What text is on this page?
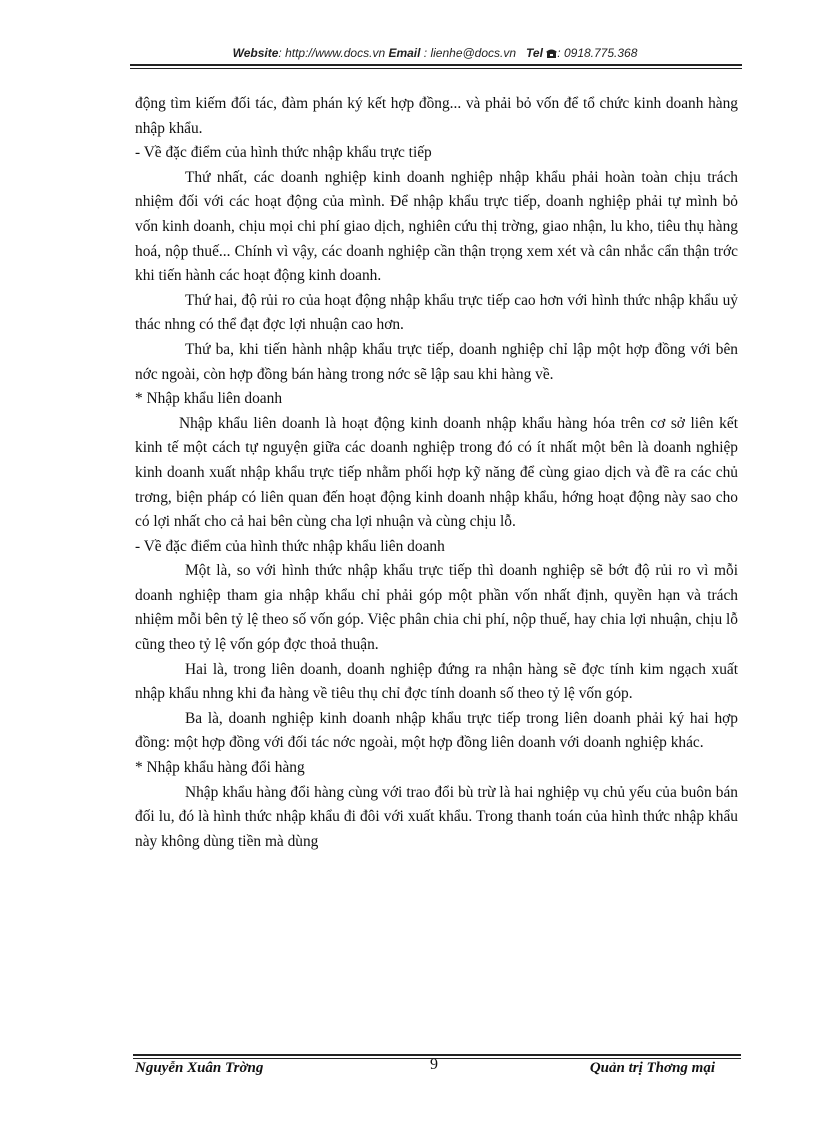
Website: http://www.docs.vn Email : lienhe@docs.vn   Tel : 0918.775.368

động tìm kiếm đối tác, đàm phán ký kết hợp đồng... và phải bỏ vốn để tổ chức kinh doanh hàng nhập khẩu.

- Về đặc điểm của hình thức nhập khẩu trực tiếp

Thứ nhất, các doanh nghiệp kinh doanh nghiệp nhập khẩu phải hoàn toàn chịu trách nhiệm đối với các hoạt động của mình. Để nhập khẩu trực tiếp, doanh nghiệp phải tự mình bỏ vốn kinh doanh, chịu mọi chi phí giao dịch, nghiên cứu thị trờng, giao nhận, lu kho, tiêu thụ hàng hoá, nộp thuế... Chính vì vậy, các doanh nghiệp cần thận trọng xem xét và cân nhắc cẩn thận trớc khi tiến hành các hoạt động kinh doanh.

Thứ hai, độ rủi ro của hoạt động nhập khẩu trực tiếp cao hơn với hình thức nhập khẩu uỷ thác nhng có thể đạt đợc lợi nhuận cao hơn.

Thứ ba, khi tiến hành nhập khẩu trực tiếp, doanh nghiệp chỉ lập một hợp đồng với bên nớc ngoài, còn hợp đồng bán hàng trong nớc sẽ lập sau khi hàng về.

* Nhập khẩu liên doanh

Nhập khẩu liên doanh là hoạt động kinh doanh nhập khẩu hàng hóa trên cơ sở liên kết kinh tế một cách tự nguyện giữa các doanh nghiệp trong đó có ít nhất một bên là doanh nghiệp kinh doanh xuất nhập khẩu trực tiếp nhằm phối hợp kỹ năng để cùng giao dịch và đề ra các chủ trơng, biện pháp có liên quan đến hoạt động kinh doanh nhập khẩu, hớng hoạt động này sao cho có lợi nhất cho cả hai bên cùng cha lợi nhuận và cùng chịu lỗ.

- Về đặc điểm của hình thức nhập khẩu liên doanh

Một là, so với hình thức nhập khẩu trực tiếp thì doanh nghiệp sẽ bớt độ rủi ro vì mỗi doanh nghiệp tham gia nhập khẩu chỉ phải góp một phần vốn nhất định, quyền hạn và trách nhiệm mỗi bên tỷ lệ theo số vốn góp. Việc phân chia chi phí, nộp thuế, hay chia lợi nhuận, chịu lỗ cũng theo tỷ lệ vốn góp đợc thoả thuận.

Hai là, trong liên doanh, doanh nghiệp đứng ra nhận hàng sẽ đợc tính kim ngạch xuất nhập khẩu nhng khi đa hàng về tiêu thụ chỉ đợc tính doanh số theo tỷ lệ vốn góp.

Ba là, doanh nghiệp kinh doanh nhập khẩu trực tiếp trong liên doanh phải ký hai hợp đồng: một hợp đồng với đối tác nớc ngoài, một hợp đồng liên doanh với doanh nghiệp khác.

* Nhập khẩu hàng đổi hàng

Nhập khẩu hàng đổi hàng cùng với trao đổi bù trừ là hai nghiệp vụ chủ yếu của buôn bán đối lu, đó là hình thức nhập khẩu đi đôi với xuất khẩu. Trong thanh toán của hình thức nhập khẩu này không dùng tiền mà dùng

Nguyễn Xuân Trờng	9	Quản trị Thơng mại
